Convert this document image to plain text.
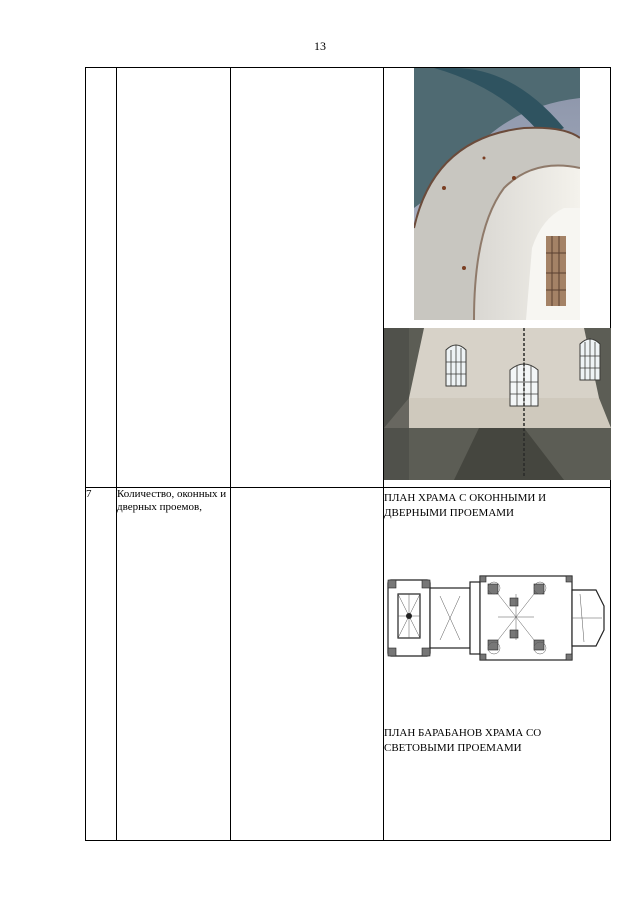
13

7	Количество, оконных и дверных проемов,		ПЛАН ХРАМА С ОКОННЫМИ И ДВЕРНЫМИ ПРОЕМАМИ
ПЛАН БАРАБАНОВ ХРАМА СО СВЕТОВЫМИ ПРОЕМАМИ
